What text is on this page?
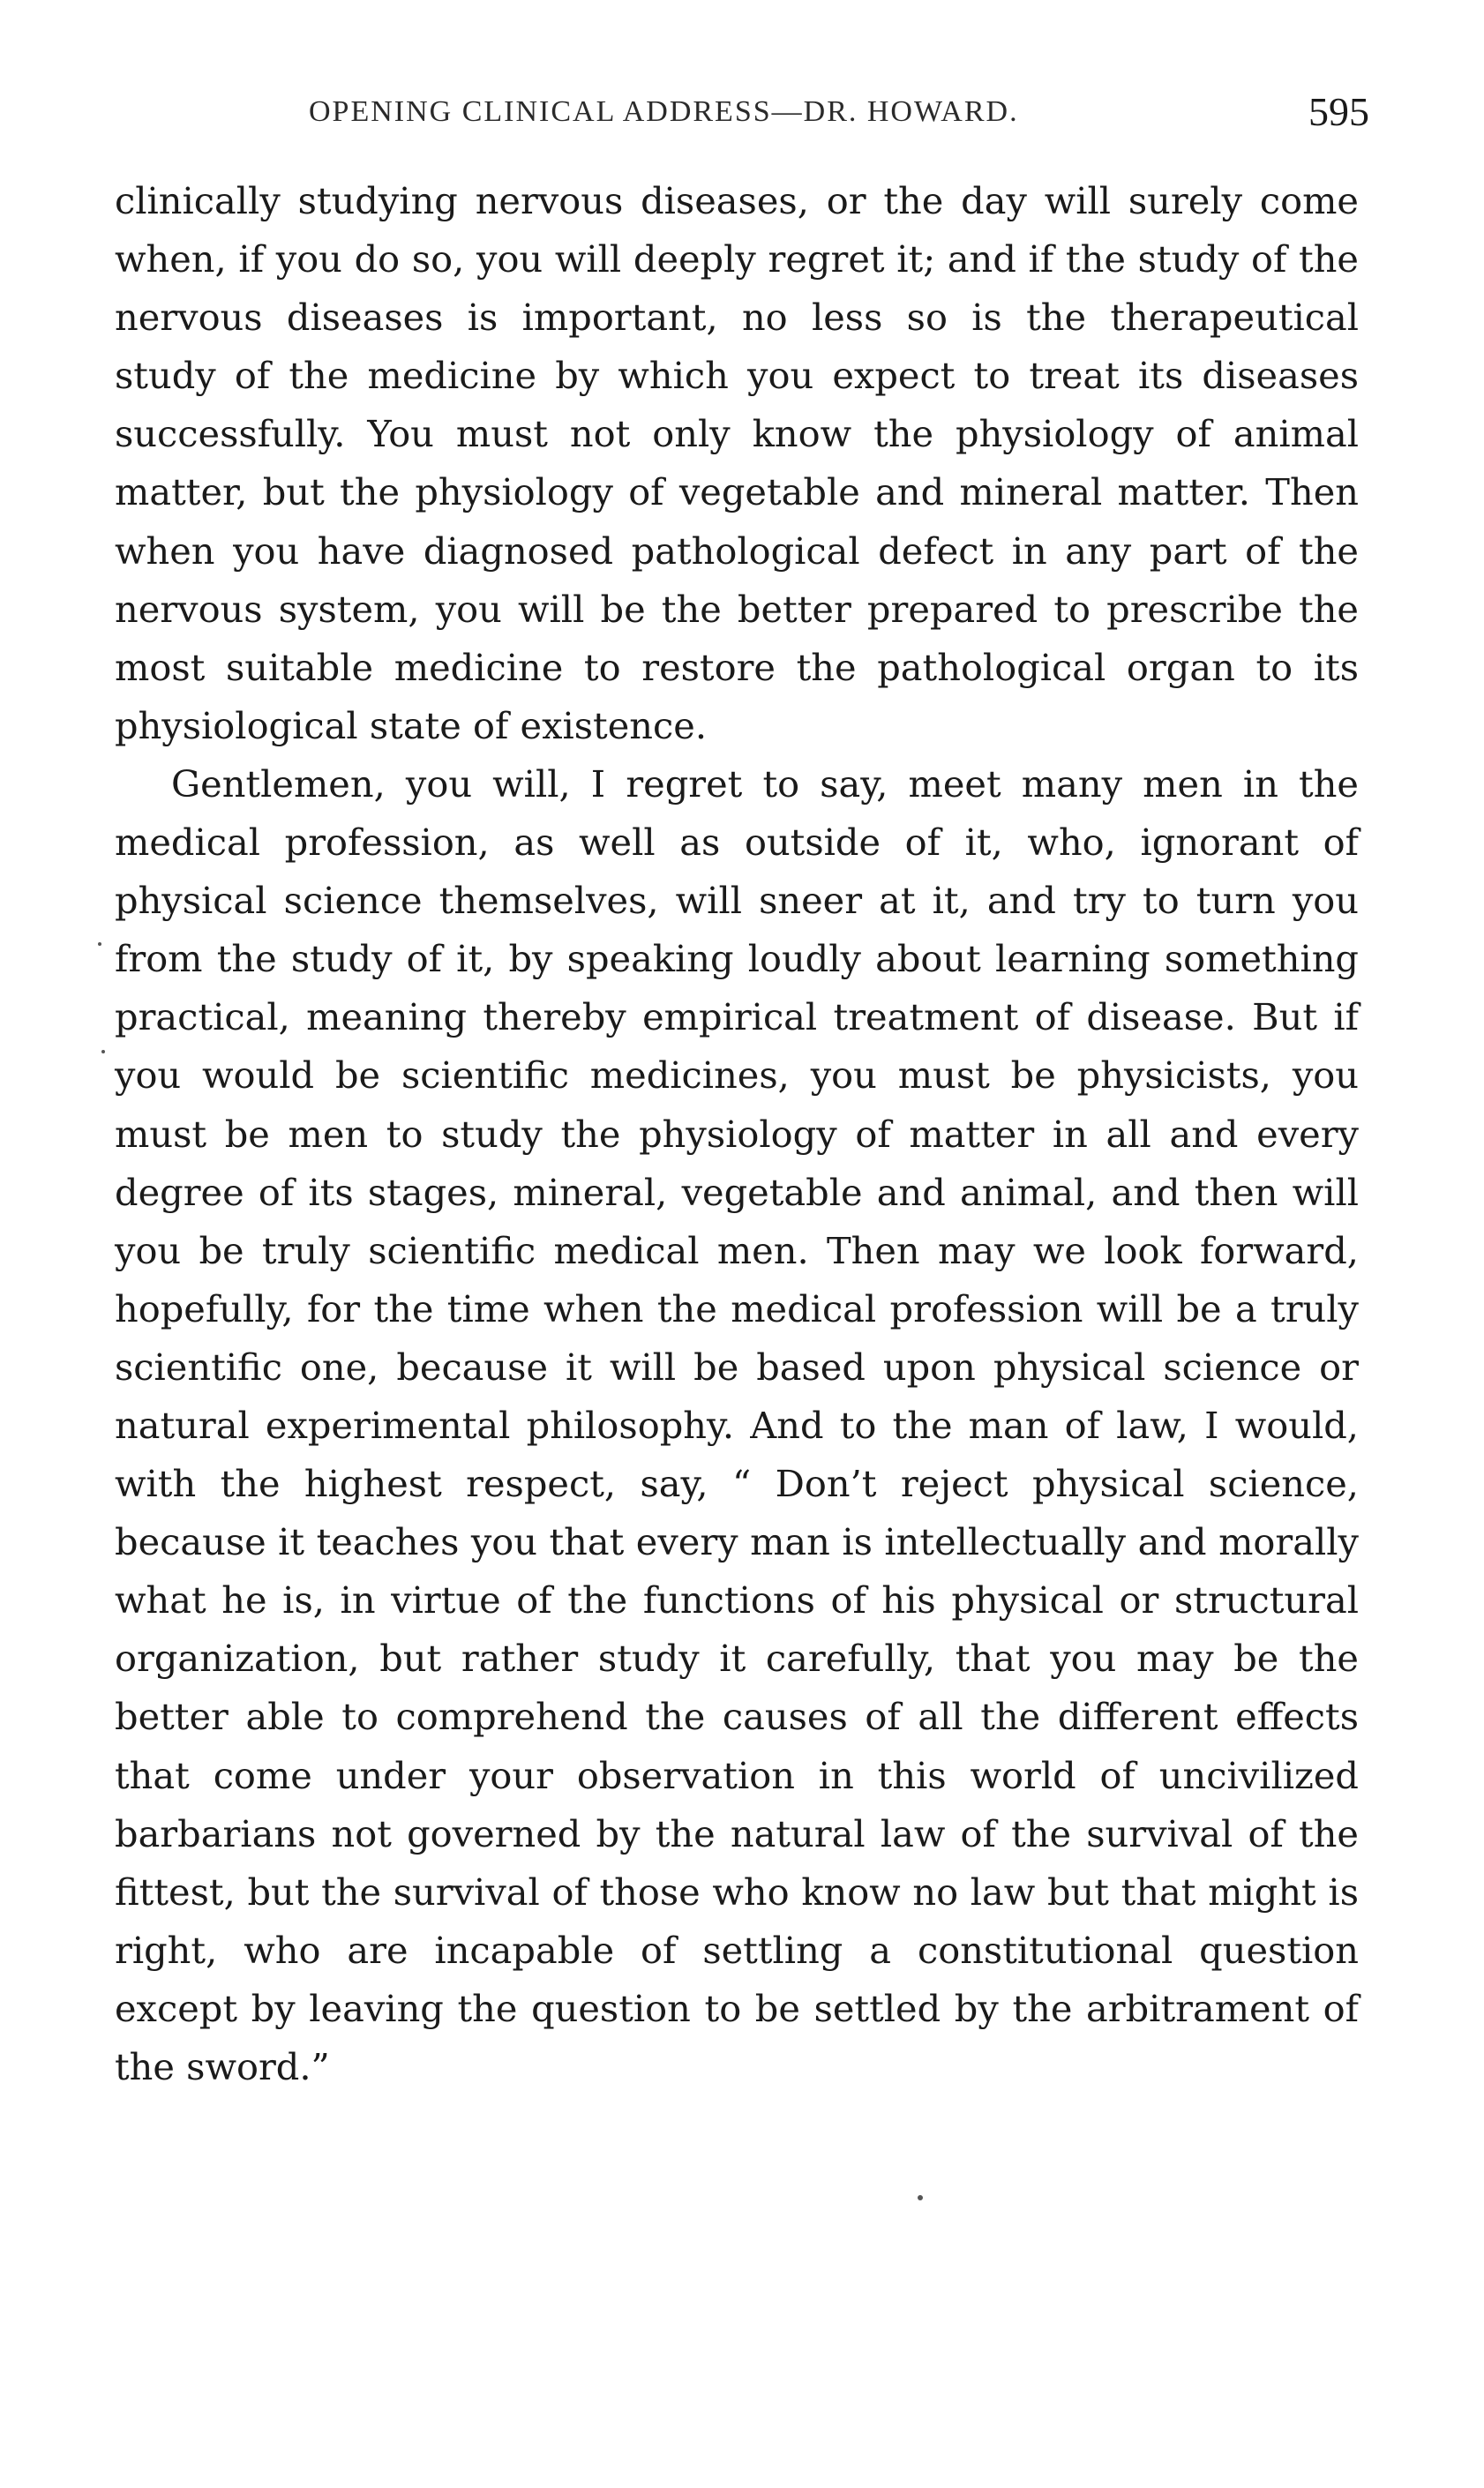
OPENING CLINICAL ADDRESS—DR. HOWARD.	595

clinically studying nervous diseases, or the day will surely come when, if you do so, you will deeply regret it; and if the study of the nervous diseases is important, no less so is the therapeutical study of the medicine by which you expect to treat its diseases successfully. You must not only know the physiology of animal matter, but the physiology of vegetable and mineral matter. Then when you have diagnosed pathological defect in any part of the nervous system, you will be the better prepared to prescribe the most suitable medicine to restore the pathological organ to its physiological state of existence.

Gentlemen, you will, I regret to say, meet many men in the medical profession, as well as outside of it, who, ignorant of physical science themselves, will sneer at it, and try to turn you from the study of it, by speaking loudly about learning something practical, meaning thereby empirical treatment of disease. But if you would be scientific medicines, you must be physicists, you must be men to study the physiology of matter in all and every degree of its stages, mineral, vegetable and animal, and then will you be truly scientific medical men. Then may we look forward, hopefully, for the time when the medical profession will be a truly scientific one, because it will be based upon physical science or natural experimental philosophy. And to the man of law, I would, with the highest respect, say, “ Don’t reject physical science, because it teaches you that every man is intellectually and morally what he is, in virtue of the functions of his physical or structural organization, but rather study it carefully, that you may be the better able to comprehend the causes of all the different effects that come under your observation in this world of uncivilized barbarians not governed by the natural law of the survival of the fittest, but the survival of those who know no law but that might is right, who are incapable of settling a constitutional question except by leaving the question to be settled by the arbitrament of the sword.”
